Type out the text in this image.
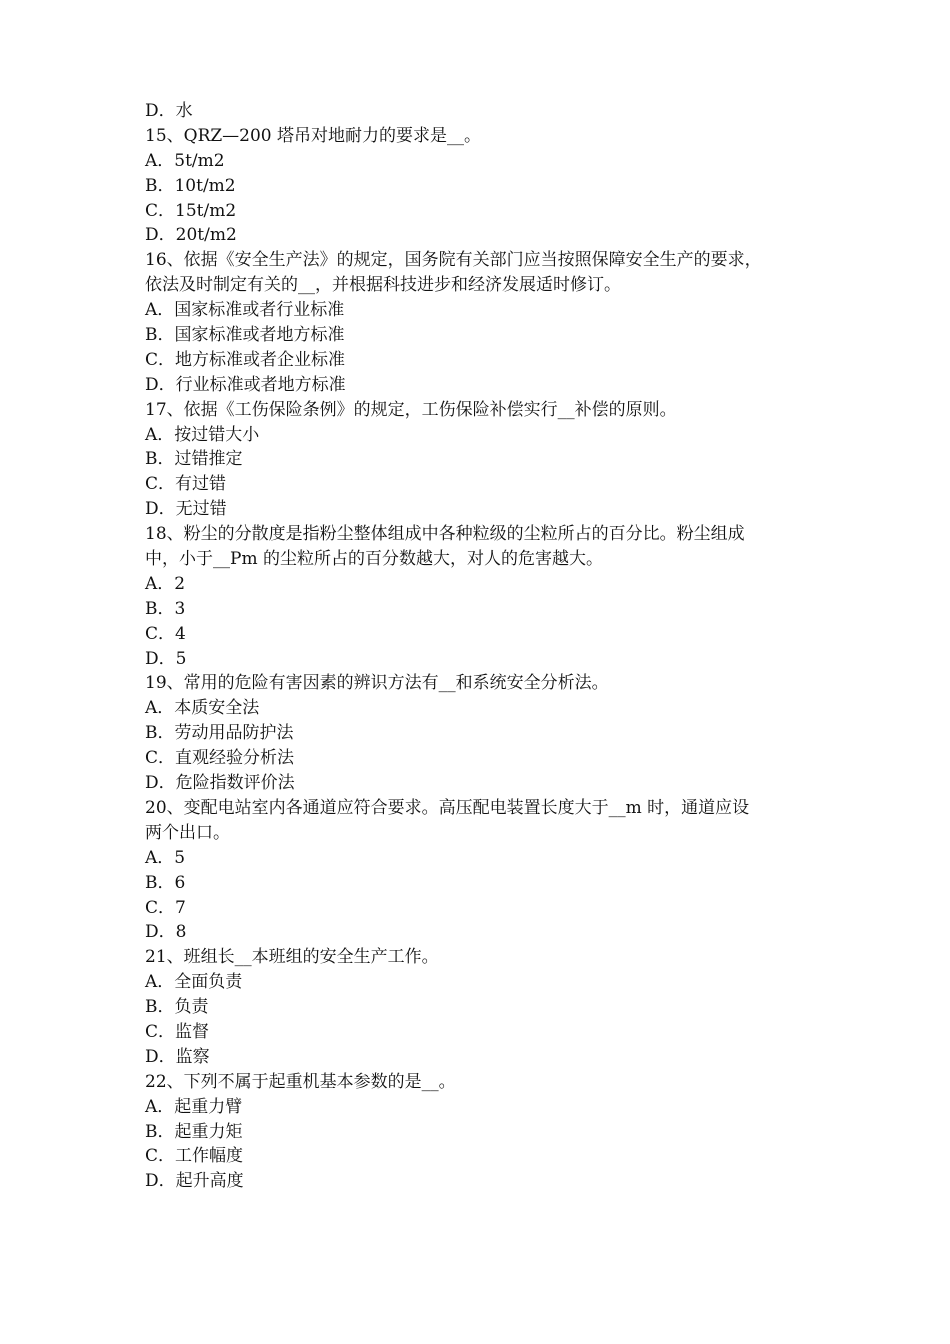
D．水
15、QRZ—200 塔吊对地耐力的要求是__。
A．5t/m2
B．10t/m2
C．15t/m2
D．20t/m2
16、依据《安全生产法》的规定，国务院有关部门应当按照保障安全生产的要求，
依法及时制定有关的__，并根据科技进步和经济发展适时修订。
A．国家标准或者行业标准
B．国家标准或者地方标准
C．地方标准或者企业标准
D．行业标准或者地方标准
17、依据《工伤保险条例》的规定，工伤保险补偿实行__补偿的原则。
A．按过错大小
B．过错推定
C．有过错
D．无过错
18、粉尘的分散度是指粉尘整体组成中各种粒级的尘粒所占的百分比。粉尘组成
中，小于__Pm 的尘粒所占的百分数越大，对人的危害越大。
A．2
B．3
C．4
D．5
19、常用的危险有害因素的辨识方法有__和系统安全分析法。
A．本质安全法
B．劳动用品防护法
C．直观经验分析法
D．危险指数评价法
20、变配电站室内各通道应符合要求。高压配电装置长度大于__m 时，通道应设
两个出口。
A．5
B．6
C．7
D．8
21、班组长__本班组的安全生产工作。
A．全面负责
B．负责
C．监督
D．监察
22、下列不属于起重机基本参数的是__。
A．起重力臂
B．起重力矩
C．工作幅度
D．起升高度
